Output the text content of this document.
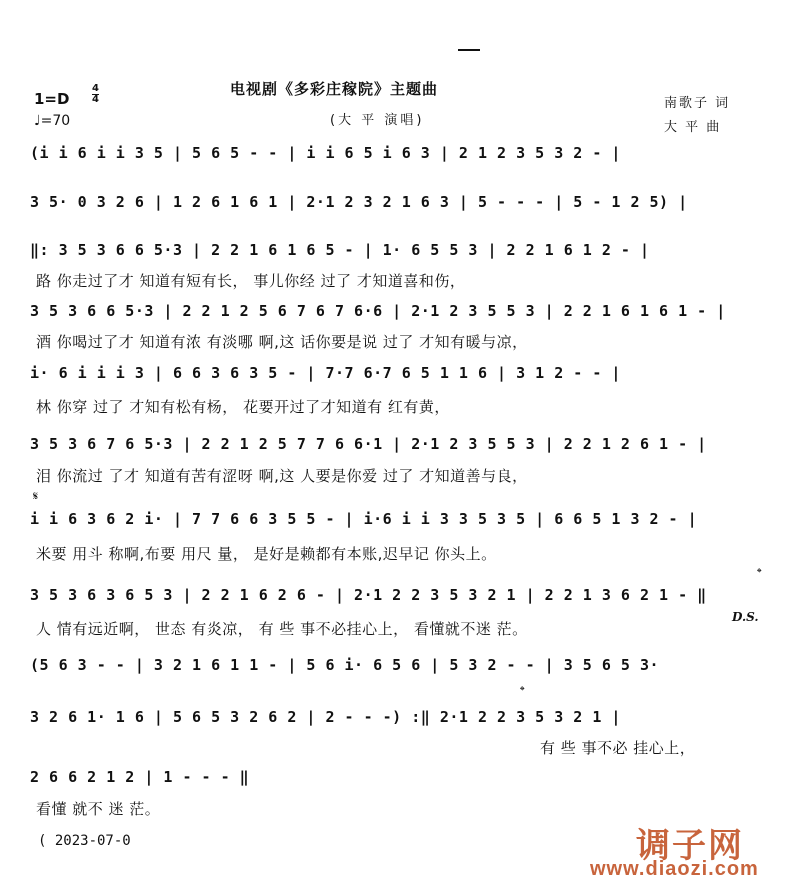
1=D
4
4
♩=70
电视剧《多彩庄稼院》主题曲
(大 平 演唱)
南歌子 词
大 平 曲
(i i 6 i i 3 5 | 5 6 5 - - | i i 6 5 i 6 3 | 2 1 2 3 5 3 2 - |
3 5· 0 3 2 6 | 1 2 6 1 6 1 | 2·1 2 3 2 1 6 3 | 5 - - - | 5 - 1 2 5) |
‖: 3 5 3 6 6 5·3 | 2 2 1 6 1 6 5 - | 1· 6 5 5 3 | 2 2 1 6 1 2 - |
路 你走过了才 知道有短有长， 事儿你经 过了 才知道喜和伤，
3 5 3 6 6 5·3 | 2 2 1 2 5 6 7 6 7 6·6 | 2·1 2 3 5 5 3 | 2 2 1 6 1 6 1 - |
酒 你喝过了才 知道有浓 有淡哪 啊,这 话你要是说 过了 才知有暖与凉，
i· 6 i i i 3 | 6 6 3 6 3 5 - | 7·7 6·7 6 5 1 1 6 | 3 1 2 - - |
林 你穿 过了 才知有松有杨， 花要开过了才知道有 红有黄，
3 5 3 6 7 6 5·3 | 2 2 1 2 5 7 7 6 6·1 | 2·1 2 3 5 5 3 | 2 2 1 2 6 1 - |
泪 你流过 了才 知道有苦有涩呀 啊,这 人要是你爱 过了 才知道善与良，
𝄋
i i 6 3 6 2 i· | 7 7 6 6 3 5 5 - | i·6 i i 3 3 5 3 5 | 6 6 5 1 3 2 - |
米要 用斗 称啊,布要 用尺 量， 是好是赖都有本账,迟早记 你头上。
𝄌
3 5 3 6 3 6 5 3 | 2 2 1 6 2 6 - | 2·1 2 2 3 5 3 2 1 | 2 2 1 3 6 2 1 - ‖
人 情有远近啊， 世态 有炎凉， 有 些 事不必挂心上， 看懂就不迷 茫。
D.S.
(5 6 3 - - | 3 2 1 6 1 1 - | 5 6 i· 6 5 6 | 5 3 2 - - | 3 5 6 5 3·
𝄌
3 2 6 1· 1 6 | 5 6 5 3 2 6 2 | 2 - - -) :‖ 2·1 2 2 3 5 3 2 1 |
有 些 事不必 挂心上，
2 6 6 2 1 2 | 1 - - - ‖
看懂 就不 迷 茫。
( 2023-07-0	调子网
www.diaozi.com
